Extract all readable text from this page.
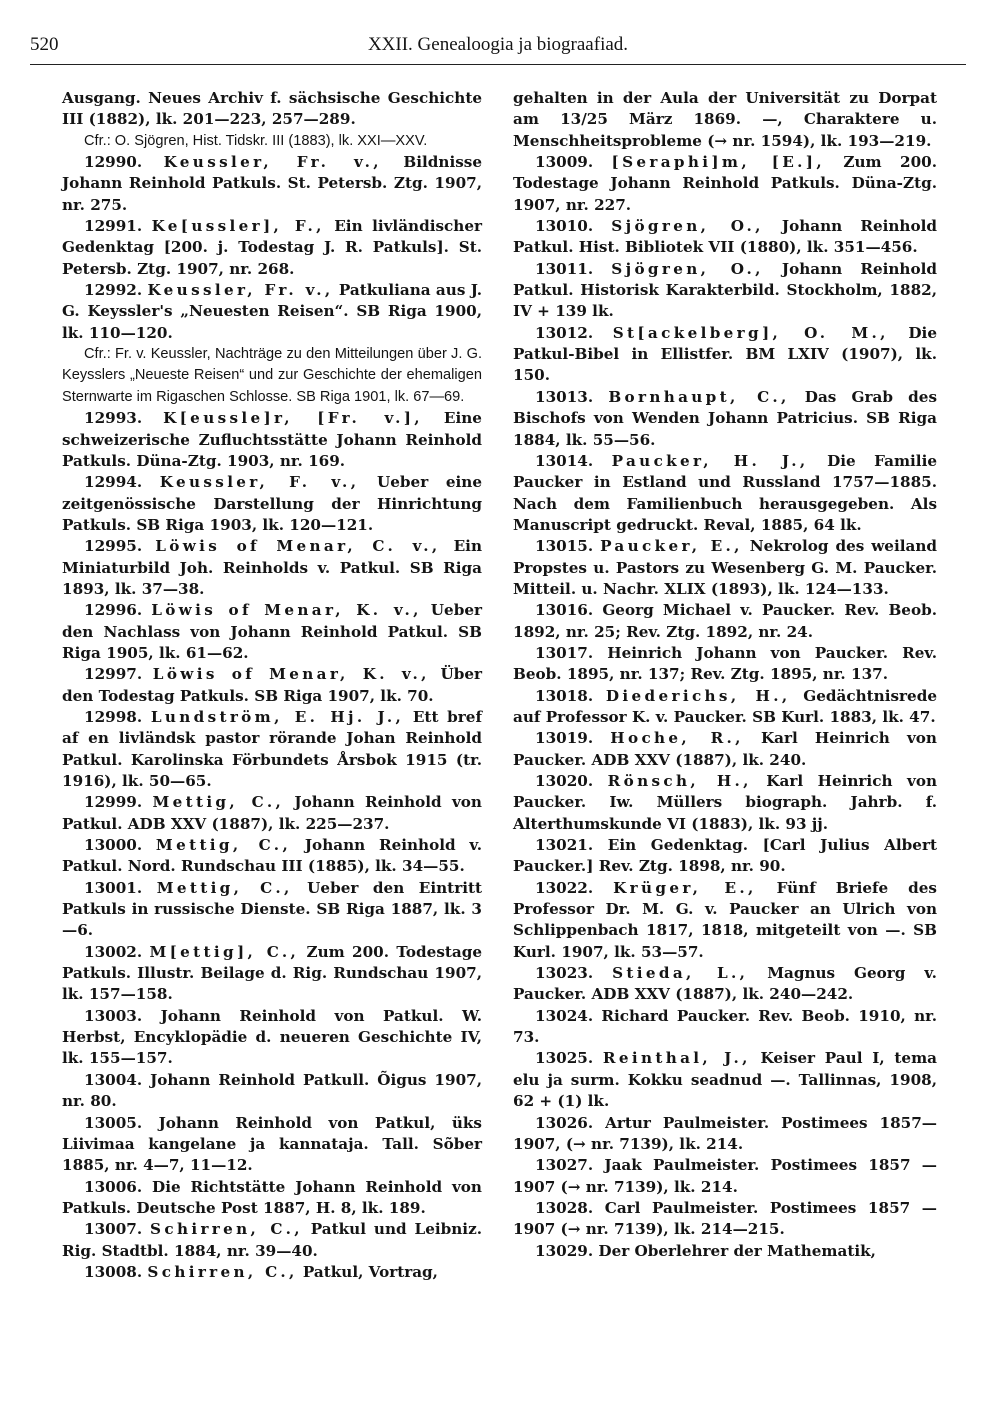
520	XXII. Genealoogia ja biograafiad.

Ausgang. Neues Archiv f. sächsische Geschichte III (1882), lk. 201—223, 257—289.

Cfr.: O. Sjögren, Hist. Tidskr. III (1883), lk. XXI—XXV.

12990. Keussler, Fr. v., Bildnisse Johann Reinhold Patkuls. St. Petersb. Ztg. 1907, nr. 275.

12991. Ke[ussler], F., Ein livländischer Gedenktag [200. j. Todestag J. R. Patkuls]. St. Petersb. Ztg. 1907, nr. 268.

12992. Keussler, Fr. v., Patkuliana aus J. G. Keyssler's „Neuesten Reisen“. SB Riga 1900, lk. 110—120.

Cfr.: Fr. v. Keussler, Nachträge zu den Mitteilungen über J. G. Keysslers „Neueste Reisen“ und zur Geschichte der ehemaligen Sternwarte im Rigaschen Schlosse. SB Riga 1901, lk. 67—69.

12993. K[eussle]r, [Fr. v.], Eine schweizerische Zufluchtsstätte Johann Reinhold Patkuls. Düna-Ztg. 1903, nr. 169.

12994. Keussler, F. v., Ueber eine zeitgenössische Darstellung der Hinrichtung Patkuls. SB Riga 1903, lk. 120—121.

12995. Löwis of Menar, C. v., Ein Miniaturbild Joh. Reinholds v. Patkul. SB Riga 1893, lk. 37—38.

12996. Löwis of Menar, K. v., Ueber den Nachlass von Johann Reinhold Patkul. SB Riga 1905, lk. 61—62.

12997. Löwis of Menar, K. v., Über den Todestag Patkuls. SB Riga 1907, lk. 70.

12998. Lundström, E. Hj. J., Ett bref af en livländsk pastor rörande Johan Reinhold Patkul. Karolinska Förbundets Årsbok 1915 (tr. 1916), lk. 50—65.

12999. Mettig, C., Johann Reinhold von Patkul. ADB XXV (1887), lk. 225—237.

13000. Mettig, C., Johann Reinhold v. Patkul. Nord. Rundschau III (1885), lk. 34—55.

13001. Mettig, C., Ueber den Eintritt Patkuls in russische Dienste. SB Riga 1887, lk. 3—6.

13002. M[ettig], C., Zum 200. Todestage Patkuls. Illustr. Beilage d. Rig. Rundschau 1907, lk. 157—158.

13003. Johann Reinhold von Patkul. W. Herbst, Encyklopädie d. neueren Geschichte IV, lk. 155—157.

13004. Johann Reinhold Patkull. Õigus 1907, nr. 80.

13005. Johann Reinhold von Patkul, üks Liivimaa kangelane ja kannataja. Tall. Sõber 1885, nr. 4—7, 11—12.

13006. Die Richtstätte Johann Reinhold von Patkuls. Deutsche Post 1887, H. 8, lk. 189.

13007. Schirren, C., Patkul und Leibniz. Rig. Stadtbl. 1884, nr. 39—40.

13008. Schirren, C., Patkul, Vortrag,

gehalten in der Aula der Universität zu Dorpat am 13/25 März 1869. —, Charaktere u. Menschheitsprobleme (→ nr. 1594), lk. 193—219.

13009. [Seraphi]m, [E.], Zum 200. Todestage Johann Reinhold Patkuls. Düna-Ztg. 1907, nr. 227.

13010. Sjögren, O., Johann Reinhold Patkul. Hist. Bibliotek VII (1880), lk. 351—456.

13011. Sjögren, O., Johann Reinhold Patkul. Historisk Karakterbild. Stockholm, 1882, IV + 139 lk.

13012. St[ackelberg], O. M., Die Patkul-Bibel in Ellistfer. BM LXIV (1907), lk. 150.

13013. Bornhaupt, C., Das Grab des Bischofs von Wenden Johann Patricius. SB Riga 1884, lk. 55—56.

13014. Paucker, H. J., Die Familie Paucker in Estland und Russland 1757—1885. Nach dem Familienbuch herausgegeben. Als Manuscript gedruckt. Reval, 1885, 64 lk.

13015. Paucker, E., Nekrolog des weiland Propstes u. Pastors zu Wesenberg G. M. Paucker. Mitteil. u. Nachr. XLIX (1893), lk. 124—133.

13016. Georg Michael v. Paucker. Rev. Beob. 1892, nr. 25; Rev. Ztg. 1892, nr. 24.

13017. Heinrich Johann von Paucker. Rev. Beob. 1895, nr. 137; Rev. Ztg. 1895, nr. 137.

13018. Diederichs, H., Gedächtnisrede auf Professor K. v. Paucker. SB Kurl. 1883, lk. 47.

13019. Hoche, R., Karl Heinrich von Paucker. ADB XXV (1887), lk. 240.

13020. Rönsch, H., Karl Heinrich von Paucker. Iw. Müllers biograph. Jahrb. f. Alterthumskunde VI (1883), lk. 93 jj.

13021. Ein Gedenktag. [Carl Julius Albert Paucker.] Rev. Ztg. 1898, nr. 90.

13022. Krüger, E., Fünf Briefe des Professor Dr. M. G. v. Paucker an Ulrich von Schlippenbach 1817, 1818, mitgeteilt von —. SB Kurl. 1907, lk. 53—57.

13023. Stieda, L., Magnus Georg v. Paucker. ADB XXV (1887), lk. 240—242.

13024. Richard Paucker. Rev. Beob. 1910, nr. 73.

13025. Reinthal, J., Keiser Paul I, tema elu ja surm. Kokku seadnud —. Tallinnas, 1908, 62 + (1) lk.

13026. Artur Paulmeister. Postimees 1857—1907, (→ nr. 7139), lk. 214.

13027. Jaak Paulmeister. Postimees 1857 —1907 (→ nr. 7139), lk. 214.

13028. Carl Paulmeister. Postimees 1857 —1907 (→ nr. 7139), lk. 214—215.

13029. Der Oberlehrer der Mathematik,
